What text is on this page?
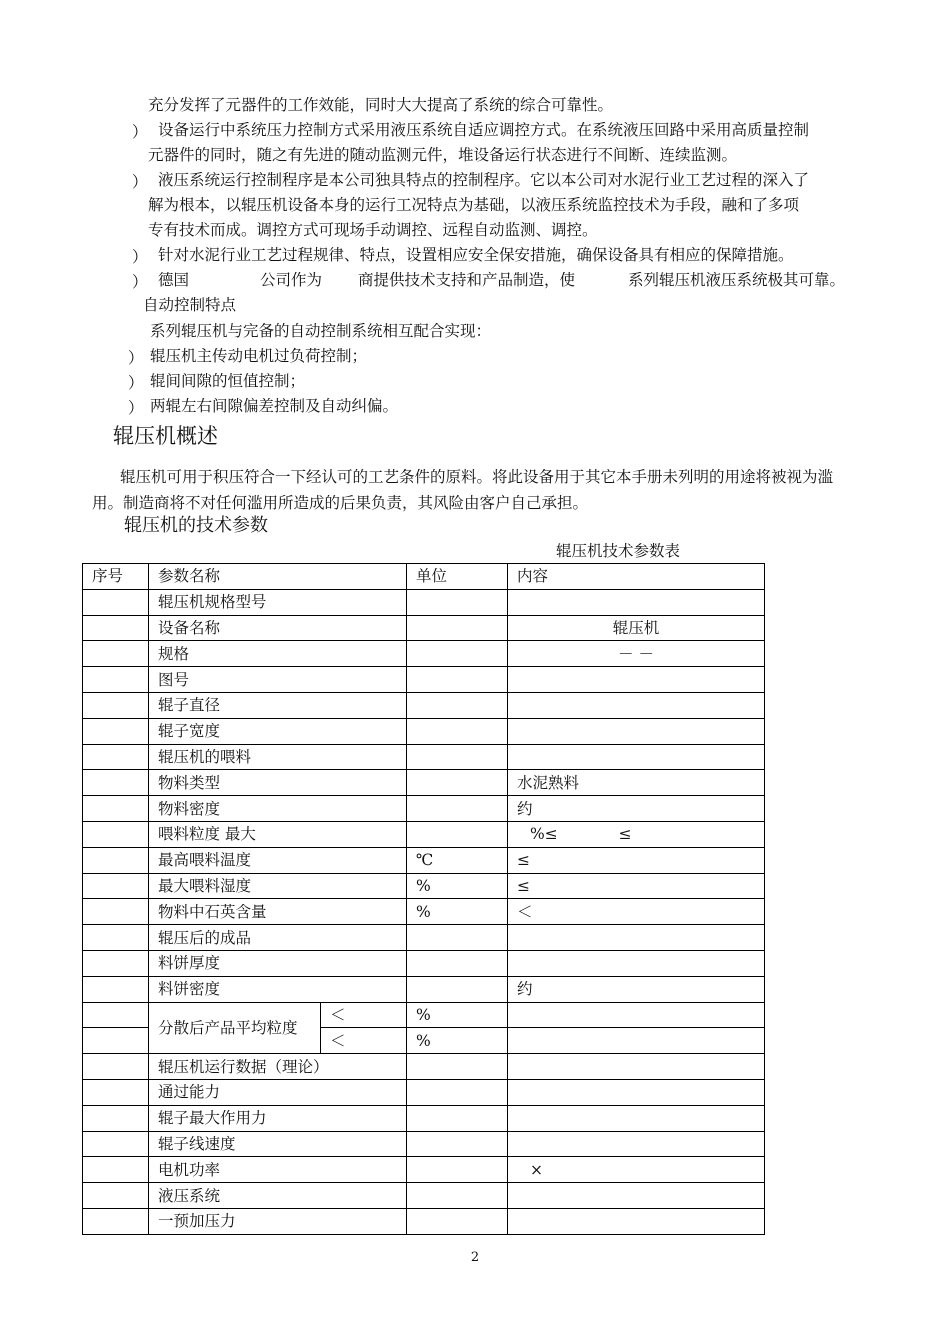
充分发挥了元器件的工作效能，同时大大提高了系统的综合可靠性。
） 设备运行中系统压力控制方式采用液压系统自适应调控方式。在系统液压回路中采用高质量控制
元器件的同时，随之有先进的随动监测元件，堆设备运行状态进行不间断、连续监测。
） 液压系统运行控制程序是本公司独具特点的控制程序。它以本公司对水泥行业工艺过程的深入了
解为根本，以辊压机设备本身的运行工况特点为基础，以液压系统监控技术为手段，融和了多项
专有技术而成。调控方式可现场手动调控、远程自动监测、调控。
） 针对水泥行业工艺过程规律、特点，设置相应安全保安措施，确保设备具有相应的保障措施。
） 德国	公司作为 商提供技术支持和产品制造，使	系列辊压机液压系统极其可靠。
自动控制特点
系列辊压机与完备的自动控制系统相互配合实现：
） 辊压机主传动电机过负荷控制；
） 辊间间隙的恒值控制；
） 两辊左右间隙偏差控制及自动纠偏。
辊压机概述
辊压机可用于积压符合一下经认可的工艺条件的原料。将此设备用于其它本手册未列明的用途将被视为滥用。制造商将不对任何滥用所造成的后果负责，其风险由客户自己承担。
辊压机的技术参数
辊压机技术参数表
序号	参数名称		单位	内容
	辊压机规格型号			
	设备名称			辊压机
	规格			－ －
	图号			
	辊子直径			
	辊子宽度			
	辊压机的喂料			
	物料类型			水泥熟料
	物料密度			约
	喂料粒度 最大			%≤ ≤
	最高喂料温度		℃	≤
	最大喂料湿度		%	≤
	物料中石英含量		%	＜
	辊压后的成品			
	料饼厚度			
	料饼密度			约
	分散后产品平均粒度	＜	%	
		＜	%	
	辊压机运行数据（理论）			
	通过能力			
	辊子最大作用力			
	辊子线速度			
	电机功率			×
	液压系统			
	一预加压力			
2
